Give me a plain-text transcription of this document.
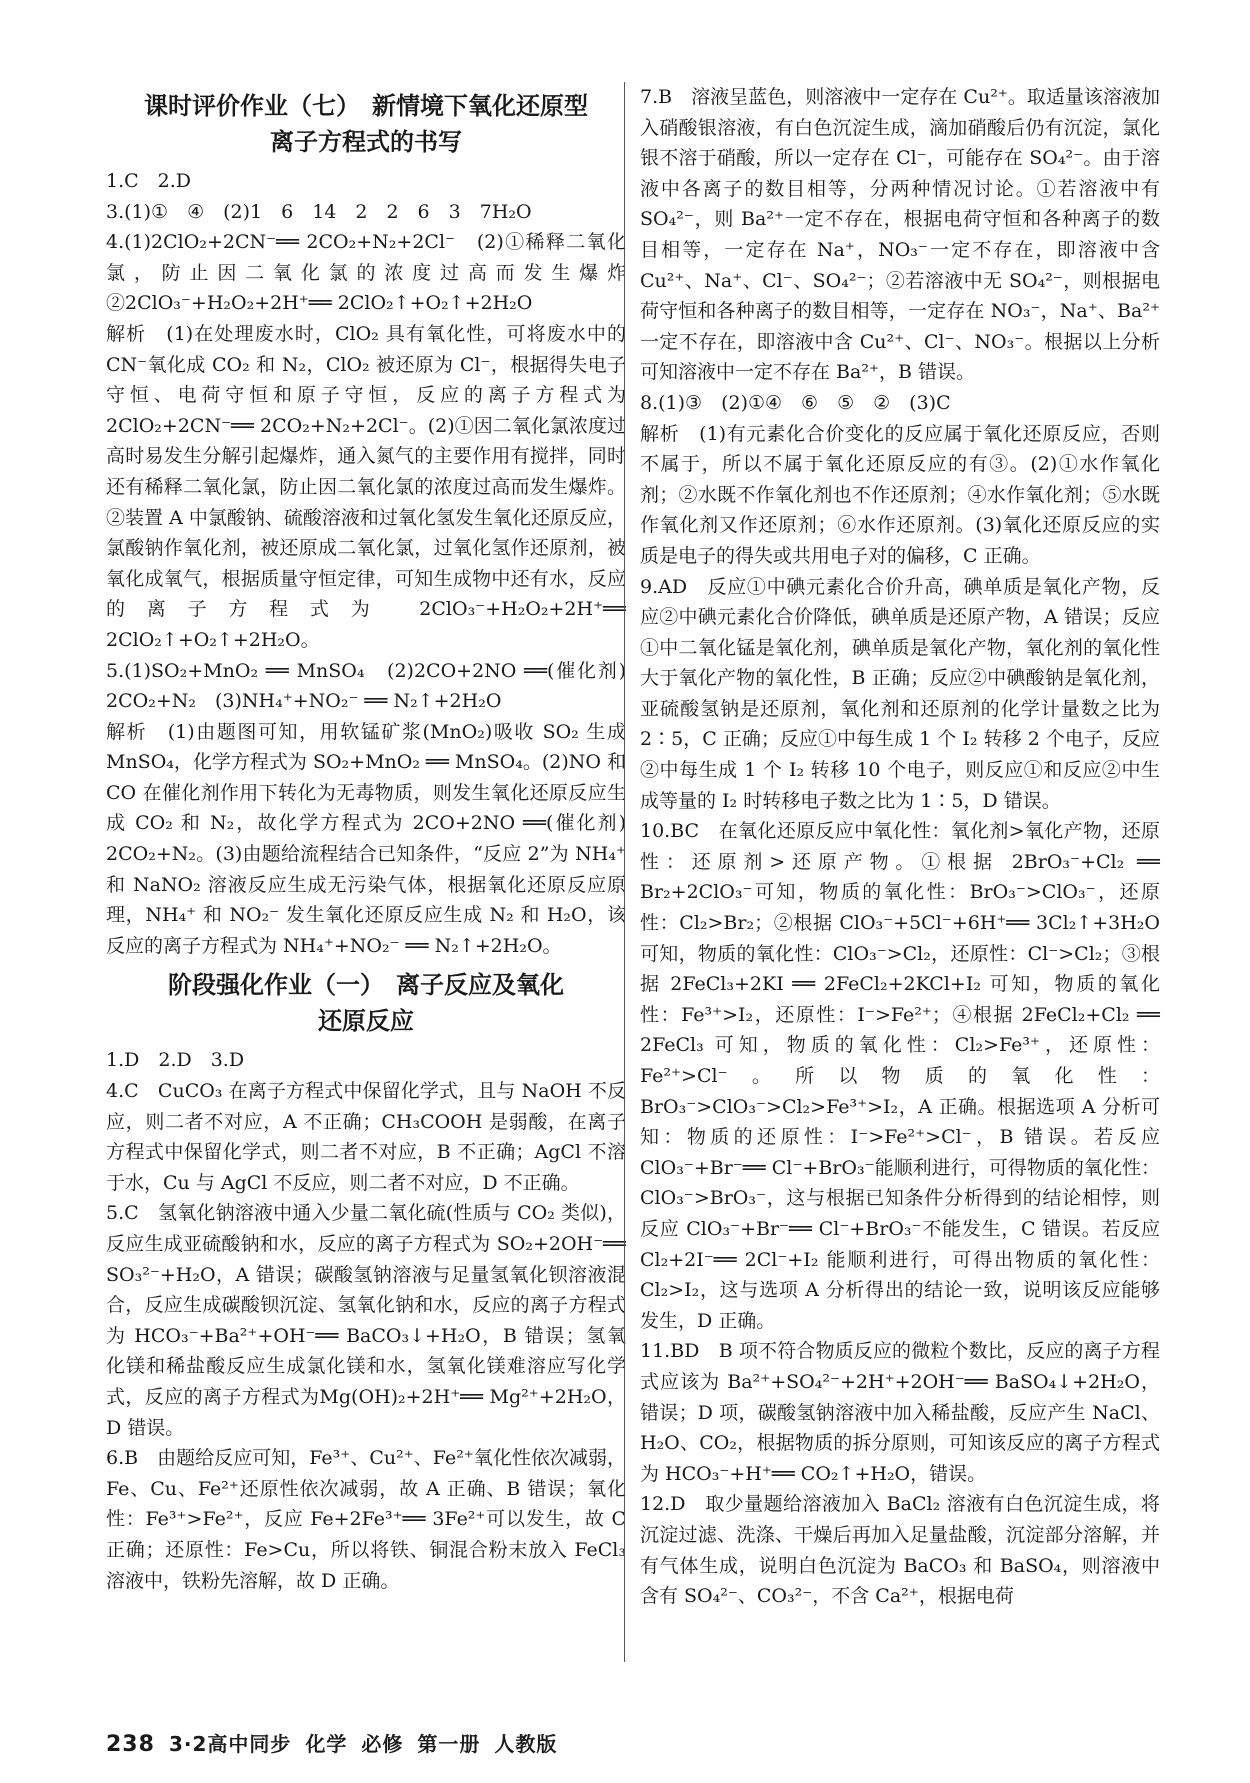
课时评价作业（七）　新情境下氧化还原型
离子方程式的书写

1.C　2.D

3.(1)①　④　(2)1　6　14　2　2　6　3　7H₂O

4.(1)2ClO₂+2CN⁻══ 2CO₂+N₂+2Cl⁻　(2)①稀释二氧化氯，防止因二氧化氯的浓度过高而发生爆炸　②2ClO₃⁻+H₂O₂+2H⁺══ 2ClO₂↑+O₂↑+2H₂O

解析　(1)在处理废水时，ClO₂ 具有氧化性，可将废水中的 CN⁻氧化成 CO₂ 和 N₂，ClO₂ 被还原为 Cl⁻，根据得失电子守恒、电荷守恒和原子守恒，反应的离子方程式为 2ClO₂+2CN⁻══ 2CO₂+N₂+2Cl⁻。(2)①因二氧化氯浓度过高时易发生分解引起爆炸，通入氮气的主要作用有搅拌，同时还有稀释二氧化氯，防止因二氧化氯的浓度过高而发生爆炸。②装置 A 中氯酸钠、硫酸溶液和过氧化氢发生氧化还原反应，氯酸钠作氧化剂，被还原成二氧化氯，过氧化氢作还原剂，被氧化成氧气，根据质量守恒定律，可知生成物中还有水，反应的离子方程式为 2ClO₃⁻+H₂O₂+2H⁺══ 2ClO₂↑+O₂↑+2H₂O。

5.(1)SO₂+MnO₂ ══ MnSO₄　(2)2CO+2NO ══(催化剂) 2CO₂+N₂　(3)NH₄⁺+NO₂⁻ ══ N₂↑+2H₂O

解析　(1)由题图可知，用软锰矿浆(MnO₂)吸收 SO₂ 生成 MnSO₄，化学方程式为 SO₂+MnO₂ ══ MnSO₄。(2)NO 和 CO 在催化剂作用下转化为无毒物质，则发生氧化还原反应生成 CO₂ 和 N₂，故化学方程式为 2CO+2NO ══(催化剂) 2CO₂+N₂。(3)由题给流程结合已知条件，“反应 2”为 NH₄⁺ 和 NaNO₂ 溶液反应生成无污染气体，根据氧化还原反应原理，NH₄⁺ 和 NO₂⁻ 发生氧化还原反应生成 N₂ 和 H₂O，该反应的离子方程式为 NH₄⁺+NO₂⁻ ══ N₂↑+2H₂O。

阶段强化作业（一）　离子反应及氧化
还原反应

1.D　2.D　3.D

4.C　CuCO₃ 在离子方程式中保留化学式，且与 NaOH 不反应，则二者不对应，A 不正确；CH₃COOH 是弱酸，在离子方程式中保留化学式，则二者不对应，B 不正确；AgCl 不溶于水，Cu 与 AgCl 不反应，则二者不对应，D 不正确。

5.C　氢氧化钠溶液中通入少量二氧化硫(性质与 CO₂ 类似)，反应生成亚硫酸钠和水，反应的离子方程式为 SO₂+2OH⁻══ SO₃²⁻+H₂O，A 错误；碳酸氢钠溶液与足量氢氧化钡溶液混合，反应生成碳酸钡沉淀、氢氧化钠和水，反应的离子方程式为 HCO₃⁻+Ba²⁺+OH⁻══ BaCO₃↓+H₂O，B 错误；氢氧化镁和稀盐酸反应生成氯化镁和水，氢氧化镁难溶应写化学式，反应的离子方程式为Mg(OH)₂+2H⁺══ Mg²⁺+2H₂O，D 错误。

6.B　由题给反应可知，Fe³⁺、Cu²⁺、Fe²⁺氧化性依次减弱，Fe、Cu、Fe²⁺还原性依次减弱，故 A 正确、B 错误；氧化性：Fe³⁺>Fe²⁺，反应 Fe+2Fe³⁺══ 3Fe²⁺可以发生，故 C 正确；还原性：Fe>Cu，所以将铁、铜混合粉末放入 FeCl₃ 溶液中，铁粉先溶解，故 D 正确。

7.B　溶液呈蓝色，则溶液中一定存在 Cu²⁺。取适量该溶液加入硝酸银溶液，有白色沉淀生成，滴加硝酸后仍有沉淀，氯化银不溶于硝酸，所以一定存在 Cl⁻，可能存在 SO₄²⁻。由于溶液中各离子的数目相等，分两种情况讨论。①若溶液中有 SO₄²⁻，则 Ba²⁺一定不存在，根据电荷守恒和各种离子的数目相等，一定存在 Na⁺，NO₃⁻一定不存在，即溶液中含 Cu²⁺、Na⁺、Cl⁻、SO₄²⁻；②若溶液中无 SO₄²⁻，则根据电荷守恒和各种离子的数目相等，一定存在 NO₃⁻，Na⁺、Ba²⁺一定不存在，即溶液中含 Cu²⁺、Cl⁻、NO₃⁻。根据以上分析可知溶液中一定不存在 Ba²⁺，B 错误。

8.(1)③　(2)①④　⑥　⑤　②　(3)C

解析　(1)有元素化合价变化的反应属于氧化还原反应，否则不属于，所以不属于氧化还原反应的有③。(2)①水作氧化剂；②水既不作氧化剂也不作还原剂；④水作氧化剂；⑤水既作氧化剂又作还原剂；⑥水作还原剂。(3)氧化还原反应的实质是电子的得失或共用电子对的偏移，C 正确。

9.AD　反应①中碘元素化合价升高，碘单质是氧化产物，反应②中碘元素化合价降低，碘单质是还原产物，A 错误；反应①中二氧化锰是氧化剂，碘单质是氧化产物，氧化剂的氧化性大于氧化产物的氧化性，B 正确；反应②中碘酸钠是氧化剂，亚硫酸氢钠是还原剂，氧化剂和还原剂的化学计量数之比为 2∶5，C 正确；反应①中每生成 1 个 I₂ 转移 2 个电子，反应②中每生成 1 个 I₂ 转移 10 个电子，则反应①和反应②中生成等量的 I₂ 时转移电子数之比为 1∶5，D 错误。

10.BC　在氧化还原反应中氧化性：氧化剂>氧化产物，还原性：还原剂>还原产物。①根据 2BrO₃⁻+Cl₂ ══ Br₂+2ClO₃⁻可知，物质的氧化性：BrO₃⁻>ClO₃⁻，还原性：Cl₂>Br₂；②根据 ClO₃⁻+5Cl⁻+6H⁺══ 3Cl₂↑+3H₂O 可知，物质的氧化性：ClO₃⁻>Cl₂，还原性：Cl⁻>Cl₂；③根据 2FeCl₃+2KI ══ 2FeCl₂+2KCl+I₂ 可知，物质的氧化性：Fe³⁺>I₂，还原性：I⁻>Fe²⁺；④根据 2FeCl₂+Cl₂ ══ 2FeCl₃ 可知，物质的氧化性：Cl₂>Fe³⁺，还原性：Fe²⁺>Cl⁻。所以物质的氧化性：BrO₃⁻>ClO₃⁻>Cl₂>Fe³⁺>I₂，A 正确。根据选项 A 分析可知：物质的还原性：I⁻>Fe²⁺>Cl⁻，B 错误。若反应 ClO₃⁻+Br⁻══ Cl⁻+BrO₃⁻能顺利进行，可得物质的氧化性：ClO₃⁻>BrO₃⁻，这与根据已知条件分析得到的结论相悖，则反应 ClO₃⁻+Br⁻══ Cl⁻+BrO₃⁻不能发生，C 错误。若反应 Cl₂+2I⁻══ 2Cl⁻+I₂ 能顺利进行，可得出物质的氧化性：Cl₂>I₂，这与选项 A 分析得出的结论一致，说明该反应能够发生，D 正确。

11.BD　B 项不符合物质反应的微粒个数比，反应的离子方程式应该为 Ba²⁺+SO₄²⁻+2H⁺+2OH⁻══ BaSO₄↓+2H₂O，错误；D 项，碳酸氢钠溶液中加入稀盐酸，反应产生 NaCl、H₂O、CO₂，根据物质的拆分原则，可知该反应的离子方程式为 HCO₃⁻+H⁺══ CO₂↑+H₂O，错误。

12.D　取少量题给溶液加入 BaCl₂ 溶液有白色沉淀生成，将沉淀过滤、洗涤、干燥后再加入足量盐酸，沉淀部分溶解，并有气体生成，说明白色沉淀为 BaCO₃ 和 BaSO₄，则溶液中含有 SO₄²⁻、CO₃²⁻，不含 Ca²⁺，根据电荷

238 3·2高中同步 化学 必修 第一册 人教版
